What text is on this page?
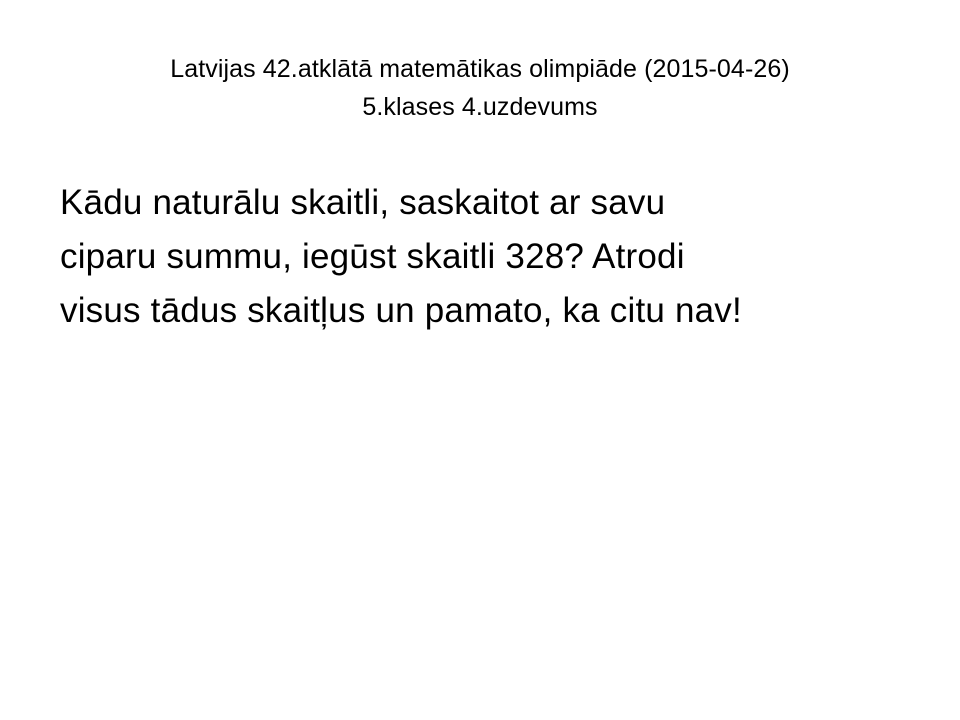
Latvijas 42.atklātā matemātikas olimpiāde (2015-04-26)
5.klases 4.uzdevums
Kādu naturālu skaitli, saskaitot ar savu
ciparu summu, iegūst skaitli 328? Atrodi
visus tādus skaitļus un pamato, ka citu nav!
